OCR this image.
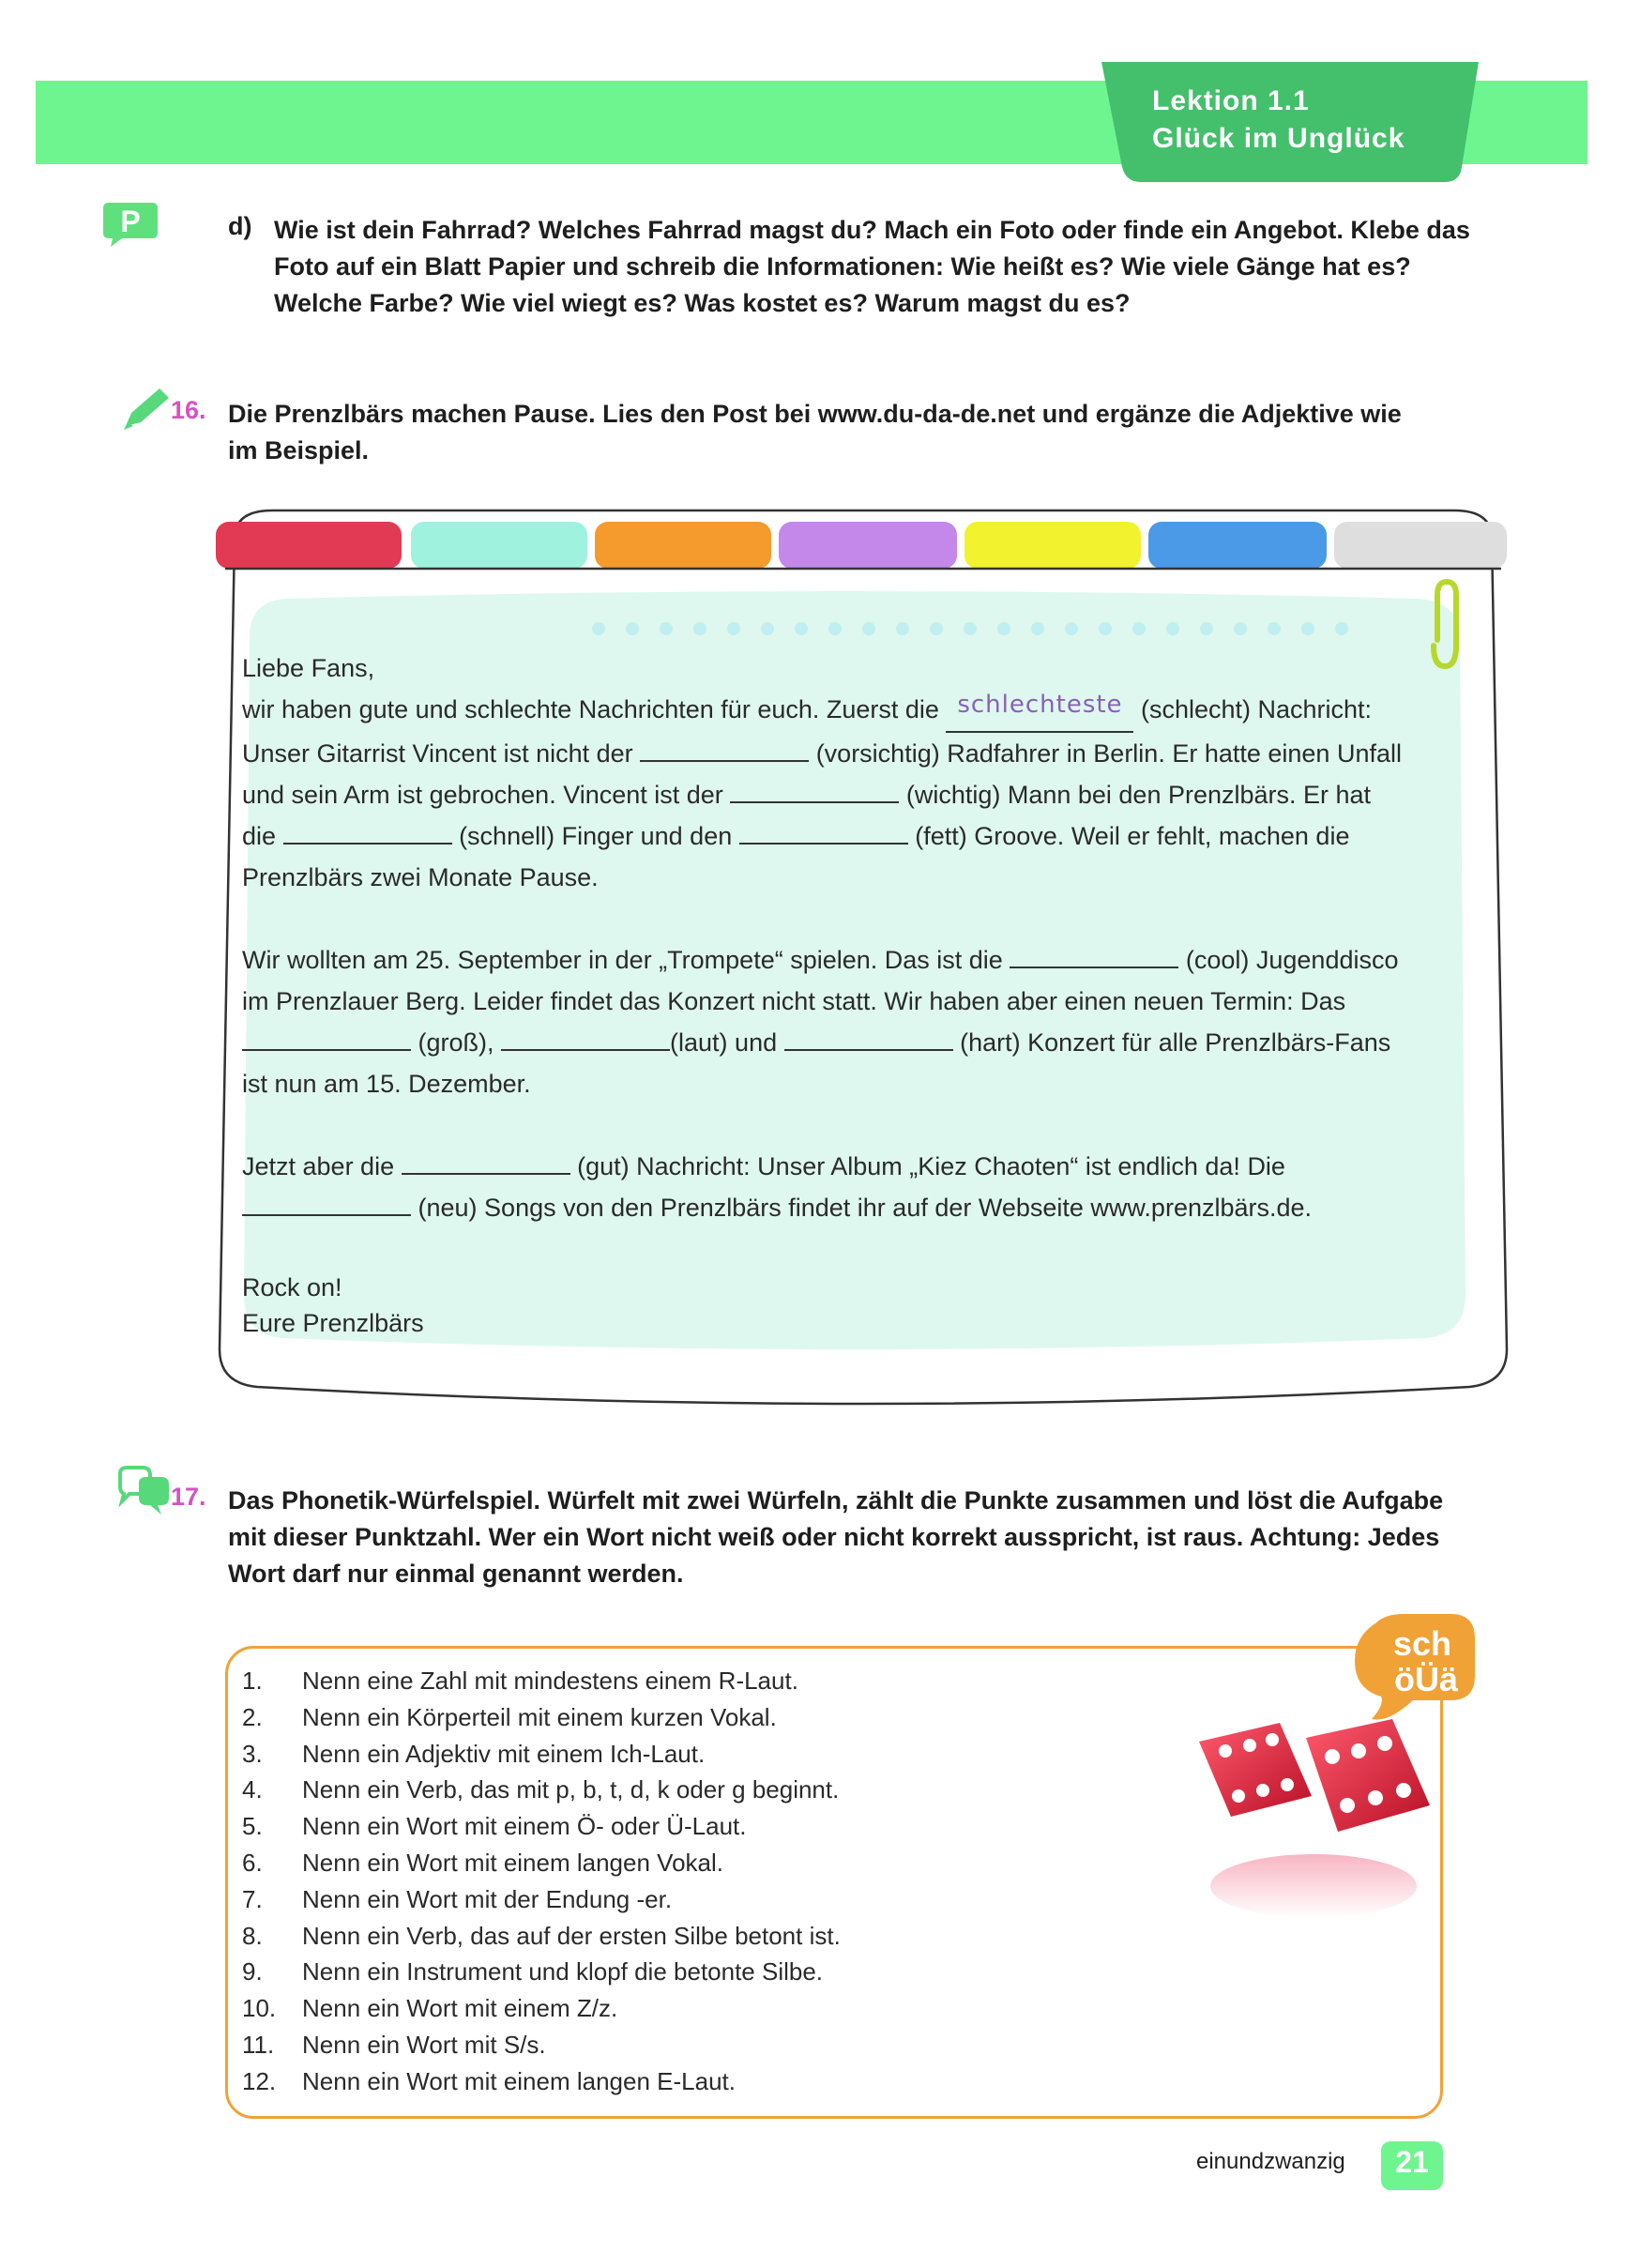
Lektion 1.1
Glück im Unglück
P	d) Wie ist dein Fahrrad? Welches Fahrrad magst du? Mach ein Foto oder finde ein Angebot. Klebe das Foto auf ein Blatt Papier und schreib die Informationen: Wie heißt es? Wie viele Gänge hat es? Welche Farbe? Wie viel wiegt es? Was kostet es? Warum magst du es?
16. Die Prenzlbärs machen Pause. Lies den Post bei www.du-da-de.net und ergänze die Adjektive wie im Beispiel.
Liebe Fans,
wir haben gute und schlechte Nachrichten für euch. Zuerst die schlechteste (schlecht) Nachricht: Unser Gitarrist Vincent ist nicht der	(vorsichtig) Radfahrer in Berlin. Er hatte einen Unfall und sein Arm ist gebrochen. Vincent ist der	(wichtig) Mann bei den Prenzlbärs. Er hat die	(schnell) Finger und den	(fett) Groove. Weil er fehlt, machen die Prenzlbärs zwei Monate Pause.
Wir wollten am 25. September in der „Trompete“ spielen. Das ist die	(cool) Jugenddisco im Prenzlauer Berg. Leider findet das Konzert nicht statt. Wir haben aber einen neuen Termin: Das  (groß),	(laut) und	(hart) Konzert für alle Prenzlbärs-Fans ist nun am 15. Dezember.
Jetzt aber die	(gut) Nachricht: Unser Album „Kiez Chaoten“ ist endlich da! Die  (neu) Songs von den Prenzlbärs findet ihr auf der Webseite www.prenzlbärs.de.
Rock on!
Eure Prenzlbärs
17. Das Phonetik-Würfelspiel. Würfelt mit zwei Würfeln, zählt die Punkte zusammen und löst die Aufgabe mit dieser Punktzahl. Wer ein Wort nicht weiß oder nicht korrekt ausspricht, ist raus. Achtung: Jedes Wort darf nur einmal genannt werden.
1.	Nenn eine Zahl mit mindestens einem R-Laut.
2.	Nenn ein Körperteil mit einem kurzen Vokal.
3.	Nenn ein Adjektiv mit einem Ich-Laut.
4.	Nenn ein Verb, das mit p, b, t, d, k oder g beginnt.
5.	Nenn ein Wort mit einem Ö- oder Ü-Laut.
6.	Nenn ein Wort mit einem langen Vokal.
7.	Nenn ein Wort mit der Endung -er.
8.	Nenn ein Verb, das auf der ersten Silbe betont ist.
9.	Nenn ein Instrument und klopf die betonte Silbe.
10.	Nenn ein Wort mit einem Z/z.
11.	Nenn ein Wort mit S/s.
12.	Nenn ein Wort mit einem langen E-Laut.
sch
öÜä
einundzwanzig	21
